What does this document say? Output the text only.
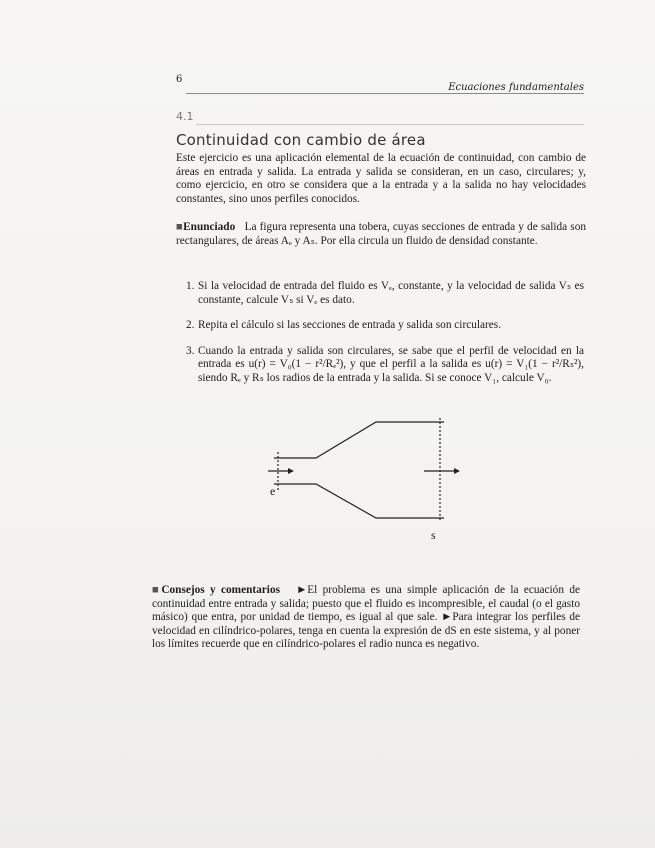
6
Ecuaciones fundamentales
4.1
Continuidad con cambio de área

Este ejercicio es una aplicación elemental de la ecuación de continuidad, con cambio de áreas en entrada y salida. La entrada y salida se consideran, en un caso, circulares; y, como ejercicio, en otro se considera que a la entrada y a la salida no hay velocidades constantes, sino unos perfiles conocidos.

■Enunciado La figura representa una tobera, cuyas secciones de entrada y de salida son rectangulares, de áreas Aₑ y Aₛ. Por ella circula un fluido de densidad constante.

1. Si la velocidad de entrada del fluido es Vₑ, constante, y la velocidad de salida Vₛ es constante, calcule Vₛ si Vₑ es dato.
2. Repita el cálculo si las secciones de entrada y salida son circulares.
3. Cuando la entrada y salida son circulares, se sabe que el perfil de velocidad en la entrada es u(r) = V₀(1 − r²/Rₑ²), y que el perfil a la salida es u(r) = V₁(1 − r²/Rₛ²), siendo Rₑ y Rₛ los radios de la entrada y la salida. Si se conoce V₁, calcule V₀.
e
s

■Consejos y comentarios ►El problema es una simple aplicación de la ecuación de continuidad entre entrada y salida; puesto que el fluido es incompresible, el caudal (o el gasto másico) que entra, por unidad de tiempo, es igual al que sale. ►Para integrar los perfiles de velocidad en cilíndrico-polares, tenga en cuenta la expresión de dS en este sistema, y al poner los límites recuerde que en cilíndrico-polares el radio nunca es negativo.
